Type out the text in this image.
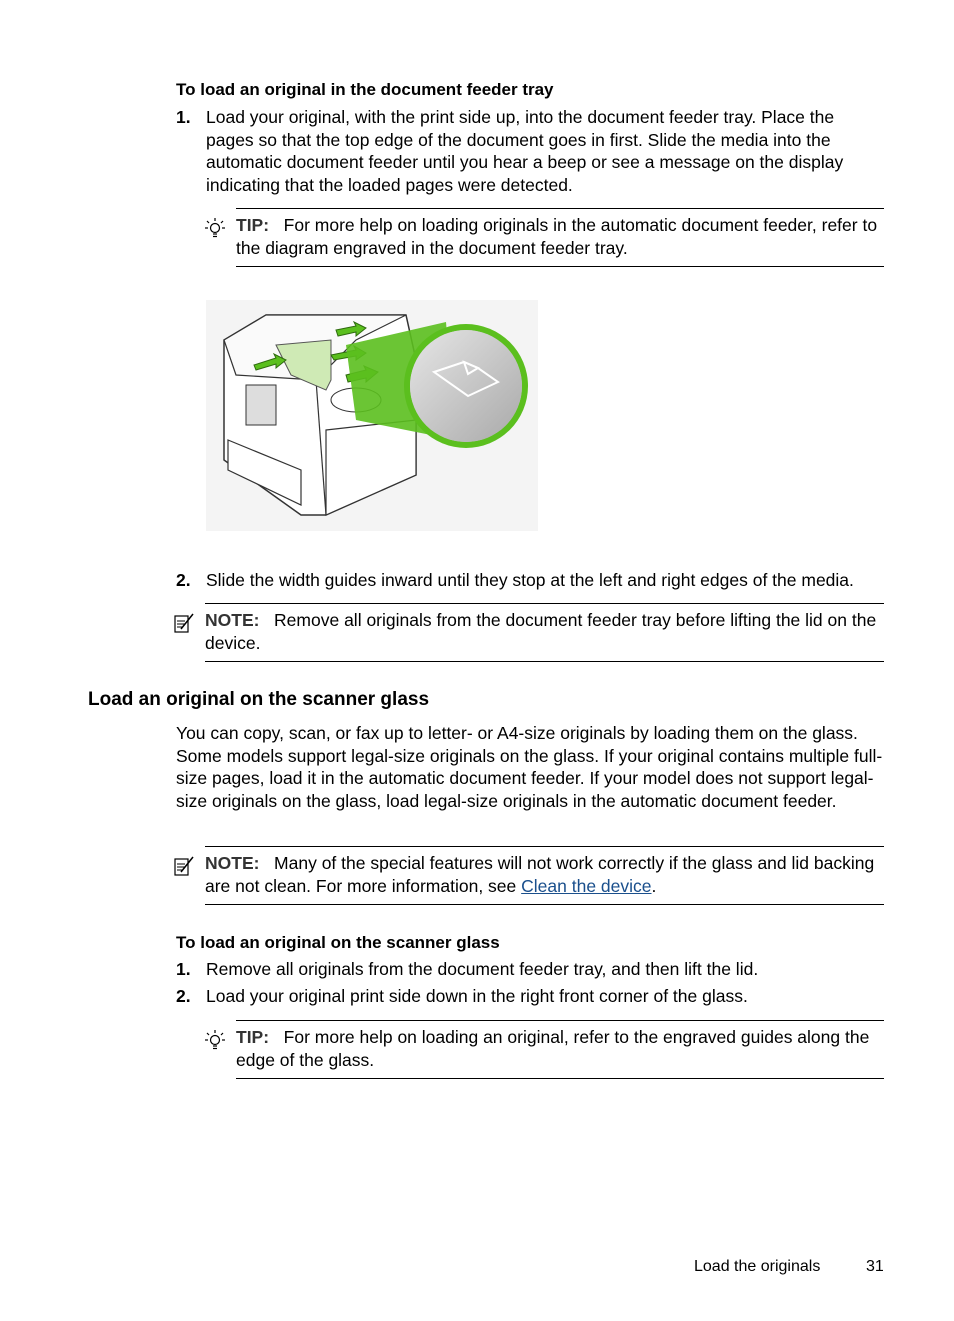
To load an original in the document feeder tray
1. Load your original, with the print side up, into the document feeder tray. Place the pages so that the top edge of the document goes in first. Slide the media into the automatic document feeder until you hear a beep or see a message on the display indicating that the loaded pages were detected.
TIP: For more help on loading originals in the automatic document feeder, refer to the diagram engraved in the document feeder tray.
2. Slide the width guides inward until they stop at the left and right edges of the media.
NOTE: Remove all originals from the document feeder tray before lifting the lid on the device.
Load an original on the scanner glass
You can copy, scan, or fax up to letter- or A4-size originals by loading them on the glass. Some models support legal-size originals on the glass. If your original contains multiple full-size pages, load it in the automatic document feeder. If your model does not support legal-size originals on the glass, load legal-size originals in the automatic document feeder.
NOTE: Many of the special features will not work correctly if the glass and lid backing are not clean. For more information, see Clean the device.
To load an original on the scanner glass
1. Remove all originals from the document feeder tray, and then lift the lid.
2. Load your original print side down in the right front corner of the glass.
TIP: For more help on loading an original, refer to the engraved guides along the edge of the glass.
Load the originals	31
